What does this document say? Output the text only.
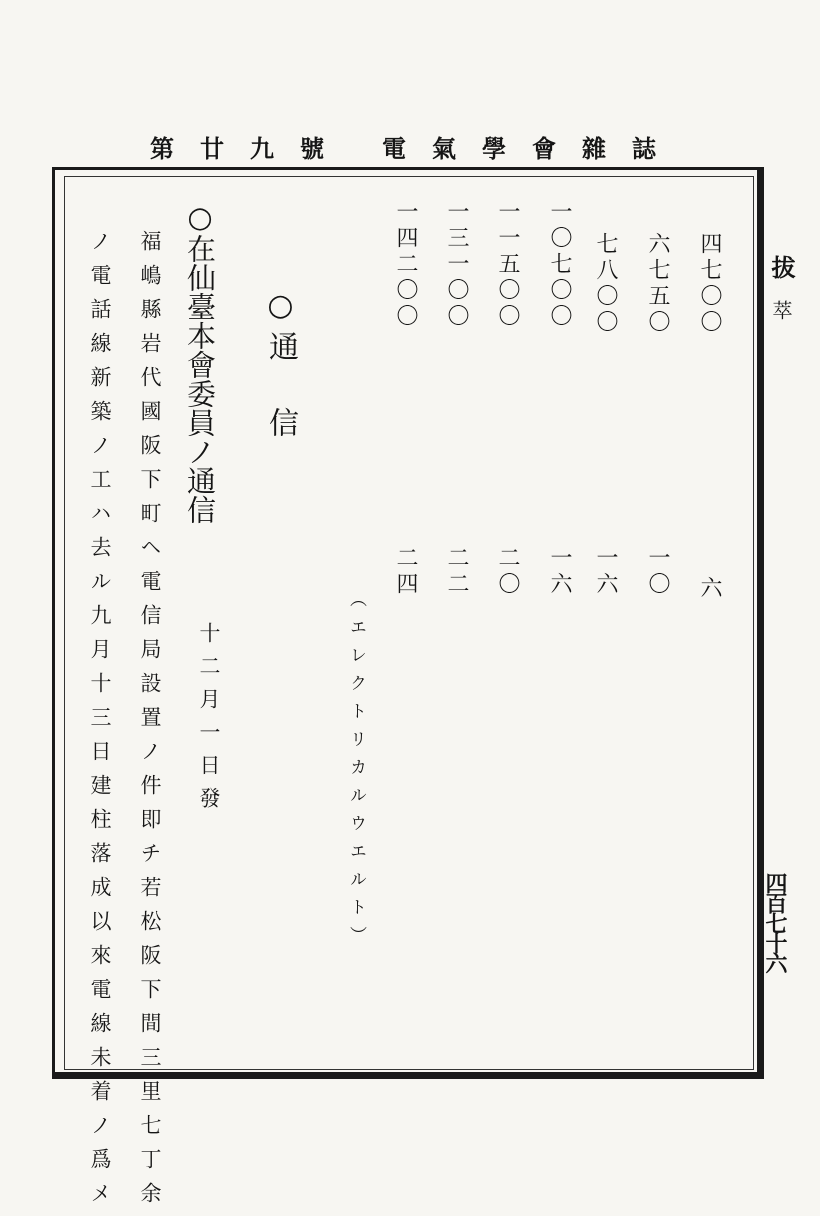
電氣學會雜誌
第廿九號
拔
萃
四百七十六
四七〇〇
六七五〇
七八〇〇
一〇七〇〇
一一五〇〇
一三一〇〇
一四二〇〇
六
一〇
一六
一六
二〇
二二
二四
（エレクトリカルウエルト）
○通　信
○在仙臺本會委員ノ通信
十二月一日發
福嶋縣岩代國阪下町ヘ電信局設置ノ件即チ若松阪下間三里七丁余
ノ電話線新築ノ工ハ去ル九月十三日建柱落成以來電線未着ノ爲メ
